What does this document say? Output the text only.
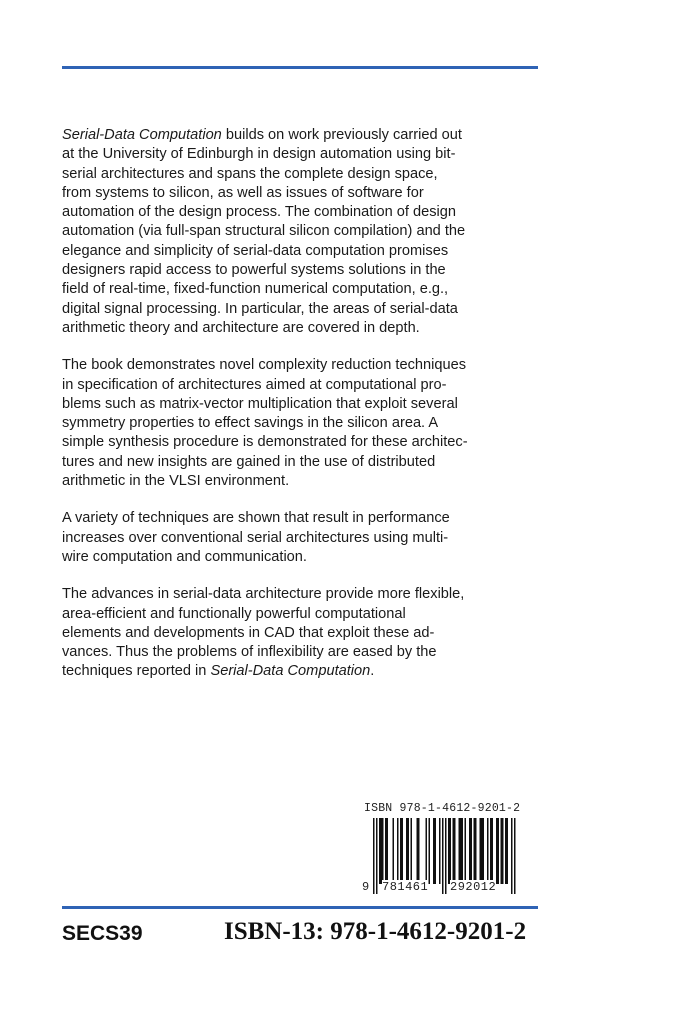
Serial-Data Computation builds on work previously carried out
at the University of Edinburgh in design automation using bit-
serial architectures and spans the complete design space,
from systems to silicon, as well as issues of software for
automation of the design process. The combination of design
automation (via full-span structural silicon compilation) and the
elegance and simplicity of serial-data computation promises
designers rapid access to powerful systems solutions in the
field of real-time, fixed-function numerical computation, e.g.,
digital signal processing. In particular, the areas of serial-data
arithmetic theory and architecture are covered in depth.

The book demonstrates novel complexity reduction techniques
in specification of architectures aimed at computational pro-
blems such as matrix-vector multiplication that exploit several
symmetry properties to effect savings in the silicon area. A
simple synthesis procedure is demonstrated for these architec-
tures and new insights are gained in the use of distributed
arithmetic in the VLSI environment.

A variety of techniques are shown that result in performance
increases over conventional serial architectures using multi-
wire computation and communication.

The advances in serial-data architecture provide more flexible,
area-efficient and functionally powerful computational
elements and developments in CAD that exploit these ad-
vances. Thus the problems of inflexibility are eased by the
techniques reported in Serial-Data Computation.

ISBN 978-1-4612-9201-2
9 781461 292012
SECS39	ISBN-13: 978-1-4612-9201-2
